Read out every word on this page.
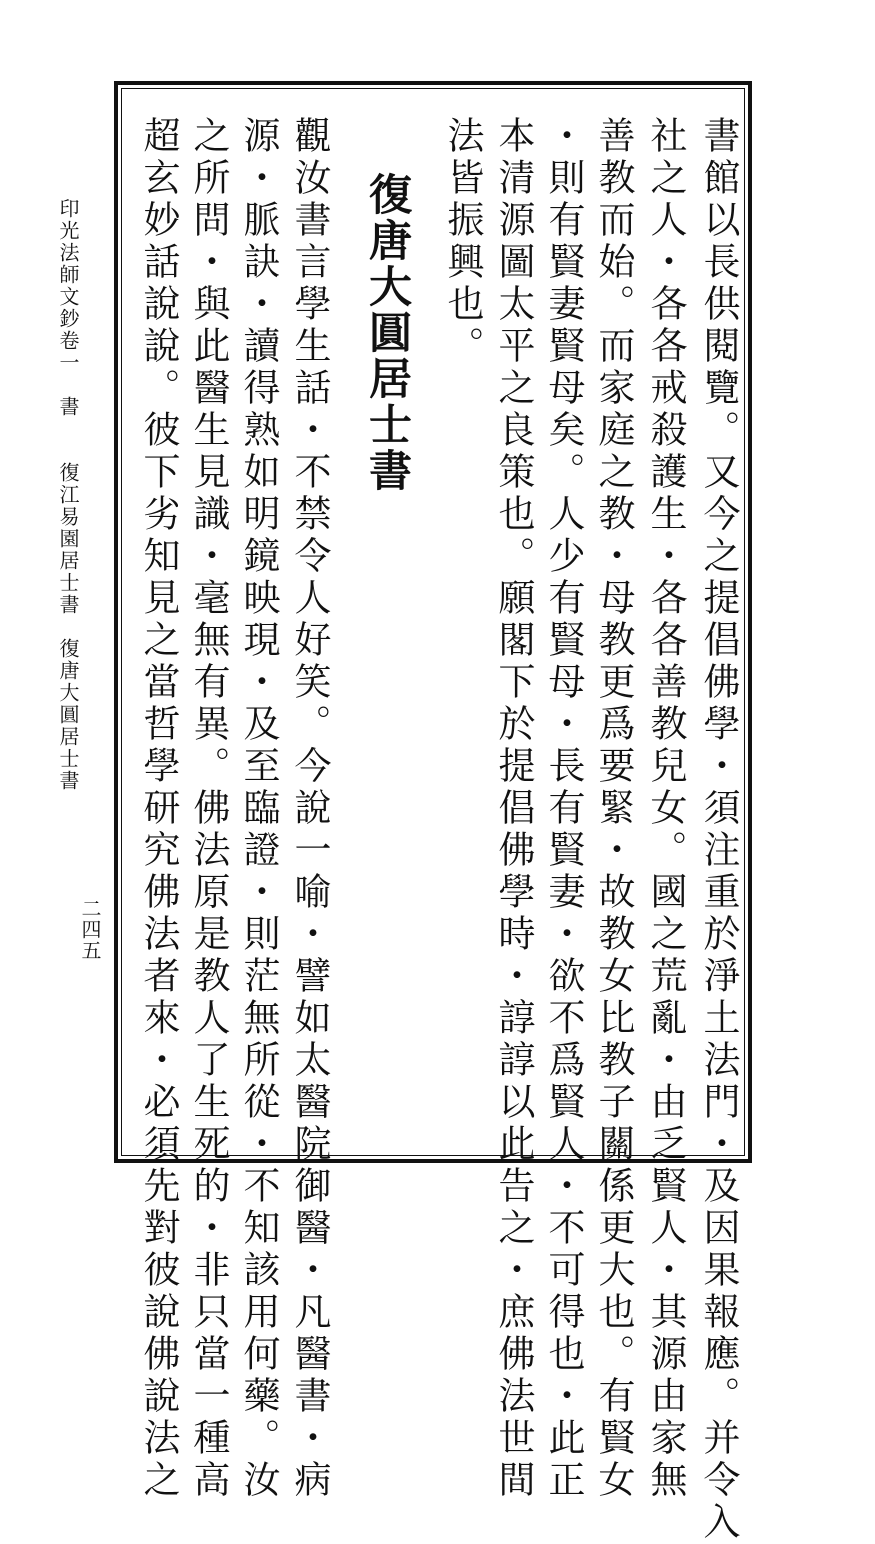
書館以長供閱覽。又今之提倡佛學・須注重於淨土法門・及因果報應。并令入
社之人・各各戒殺護生・各各善教兒女。國之荒亂・由乏賢人・其源由家無
善教而始。而家庭之教・母教更爲要緊・故教女比教子關係更大也。有賢女
・則有賢妻賢母矣。人少有賢母・長有賢妻・欲不爲賢人・不可得也・此正
本清源圖太平之良策也。願閣下於提倡佛學時・諄諄以此告之・庶佛法世間
法皆振興也。
復唐大圓居士書
觀汝書言學生話・不禁令人好笑。今說一喻・譬如太醫院御醫・凡醫書・病
源・脈訣・讀得熟如明鏡映現・及至臨證・則茫無所從・不知該用何藥。汝
之所問・與此醫生見識・毫無有異。佛法原是教人了生死的・非只當一種高
超玄妙話說說。彼下劣知見之當哲學研究佛法者來・必須先對彼說佛說法之
印光法師文鈔卷一　書　　復江易園居士書　復唐大圓居士書
二四五
